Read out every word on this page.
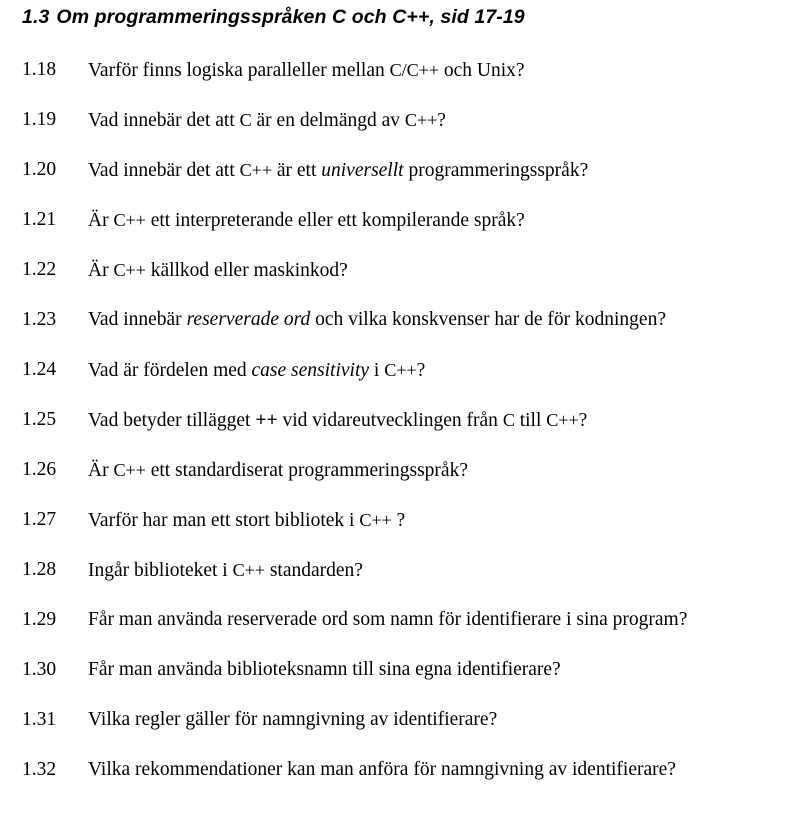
1.3 Om programmeringsspråken C och C++, sid 17-19
1.18	Varför finns logiska paralleller mellan C/C++ och Unix?
1.19	Vad innebär det att C är en delmängd av C++?
1.20	Vad innebär det att C++ är ett universellt programmeringsspråk?
1.21	Är C++ ett interpreterande eller ett kompilerande språk?
1.22	Är C++ källkod eller maskinkod?
1.23	Vad innebär reserverade ord och vilka konskvenser har de för kodningen?
1.24	Vad är fördelen med case sensitivity i C++?
1.25	Vad betyder tillägget ++ vid vidareutvecklingen från C till C++?
1.26	Är C++ ett standardiserat programmeringsspråk?
1.27	Varför har man ett stort bibliotek i C++ ?
1.28	Ingår biblioteket i C++ standarden?
1.29	Får man använda reserverade ord som namn för identifierare i sina program?
1.30	Får man använda biblioteksnamn till sina egna identifierare?
1.31	Vilka regler gäller för namngivning av identifierare?
1.32	Vilka rekommendationer kan man anföra för namngivning av identifierare?
